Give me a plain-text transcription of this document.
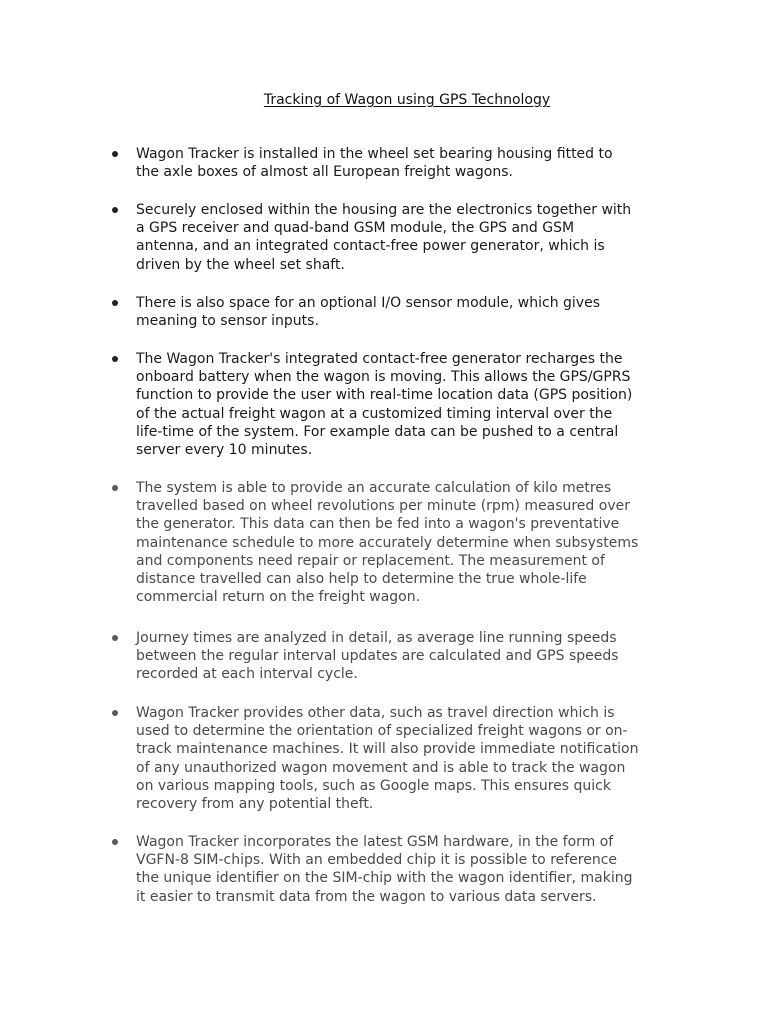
Tracking of Wagon using GPS Technology
Wagon Tracker is installed in the wheel set bearing housing fitted to
the axle boxes of almost all European freight wagons.
Securely enclosed within the housing are the electronics together with
a GPS receiver and quad-band GSM module, the GPS and GSM
antenna, and an integrated contact-free power generator, which is
driven by the wheel set shaft.
There is also space for an optional I/O sensor module, which gives
meaning to sensor inputs.
The Wagon Tracker's integrated contact-free generator recharges the
onboard battery when the wagon is moving. This allows the GPS/GPRS
function to provide the user with real-time location data (GPS position)
of the actual freight wagon at a customized timing interval over the
life-time of the system. For example data can be pushed to a central
server every 10 minutes.
The system is able to provide an accurate calculation of kilo metres
travelled based on wheel revolutions per minute (rpm) measured over
the generator. This data can then be fed into a wagon's preventative
maintenance schedule to more accurately determine when subsystems
and components need repair or replacement. The measurement of
distance travelled can also help to determine the true whole-life
commercial return on the freight wagon.
Journey times are analyzed in detail, as average line running speeds
between the regular interval updates are calculated and GPS speeds
recorded at each interval cycle.
Wagon Tracker provides other data, such as travel direction which is
used to determine the orientation of specialized freight wagons or on-
track maintenance machines. It will also provide immediate notification
of any unauthorized wagon movement and is able to track the wagon
on various mapping tools, such as Google maps. This ensures quick
recovery from any potential theft.
Wagon Tracker incorporates the latest GSM hardware, in the form of
VGFN-8 SIM-chips. With an embedded chip it is possible to reference
the unique identifier on the SIM-chip with the wagon identifier, making
it easier to transmit data from the wagon to various data servers.
